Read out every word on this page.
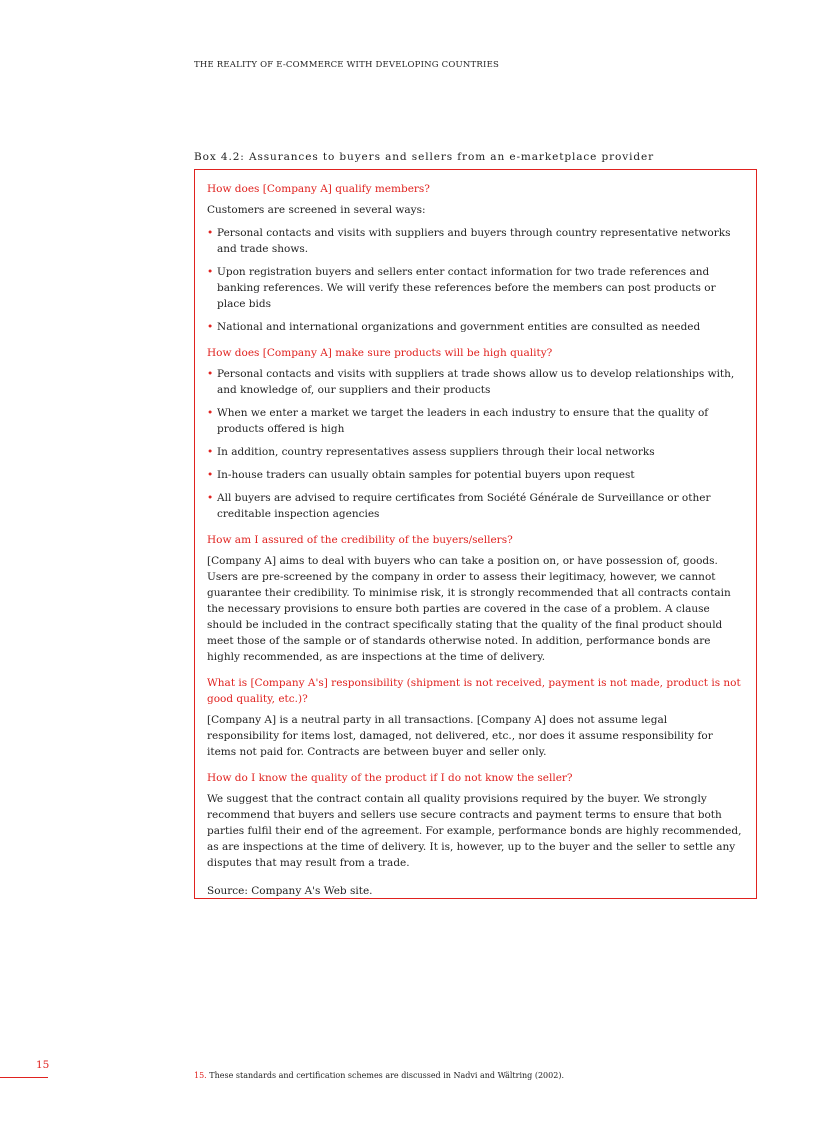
THE REALITY OF E-COMMERCE WITH DEVELOPING COUNTRIES
Box 4.2: Assurances to buyers and sellers from an e-marketplace provider
How does [Company A] qualify members?
Customers are screened in several ways:
• Personal contacts and visits with suppliers and buyers through country representative networks and trade shows.
• Upon registration buyers and sellers enter contact information for two trade references and banking references. We will verify these references before the members can post products or place bids
• National and international organizations and government entities are consulted as needed
How does [Company A] make sure products will be high quality?
• Personal contacts and visits with suppliers at trade shows allow us to develop relationships with, and knowledge of, our suppliers and their products
• When we enter a market we target the leaders in each industry to ensure that the quality of products offered is high
• In addition, country representatives assess suppliers through their local networks
• In-house traders can usually obtain samples for potential buyers upon request
• All buyers are advised to require certificates from Société Générale de Surveillance or other creditable inspection agencies
How am I assured of the credibility of the buyers/sellers?
[Company A] aims to deal with buyers who can take a position on, or have possession of, goods. Users are pre-screened by the company in order to assess their legitimacy, however, we cannot guarantee their credibility. To minimise risk, it is strongly recommended that all contracts contain the necessary provisions to ensure both parties are covered in the case of a problem. A clause should be included in the contract specifically stating that the quality of the final product should meet those of the sample or of standards otherwise noted. In addition, performance bonds are highly recommended, as are inspections at the time of delivery.
What is [Company A's] responsibility (shipment is not received, payment is not made, product is not good quality, etc.)?
[Company A] is a neutral party in all transactions. [Company A] does not assume legal responsibility for items lost, damaged, not delivered, etc., nor does it assume responsibility for items not paid for. Contracts are between buyer and seller only.
How do I know the quality of the product if I do not know the seller?
We suggest that the contract contain all quality provisions required by the buyer. We strongly recommend that buyers and sellers use secure contracts and payment terms to ensure that both parties fulfil their end of the agreement. For example, performance bonds are highly recommended, as are inspections at the time of delivery. It is, however, up to the buyer and the seller to settle any disputes that may result from a trade.
Source: Company A's Web site.
15
15. These standards and certification schemes are discussed in Nadvi and Wältring (2002).
